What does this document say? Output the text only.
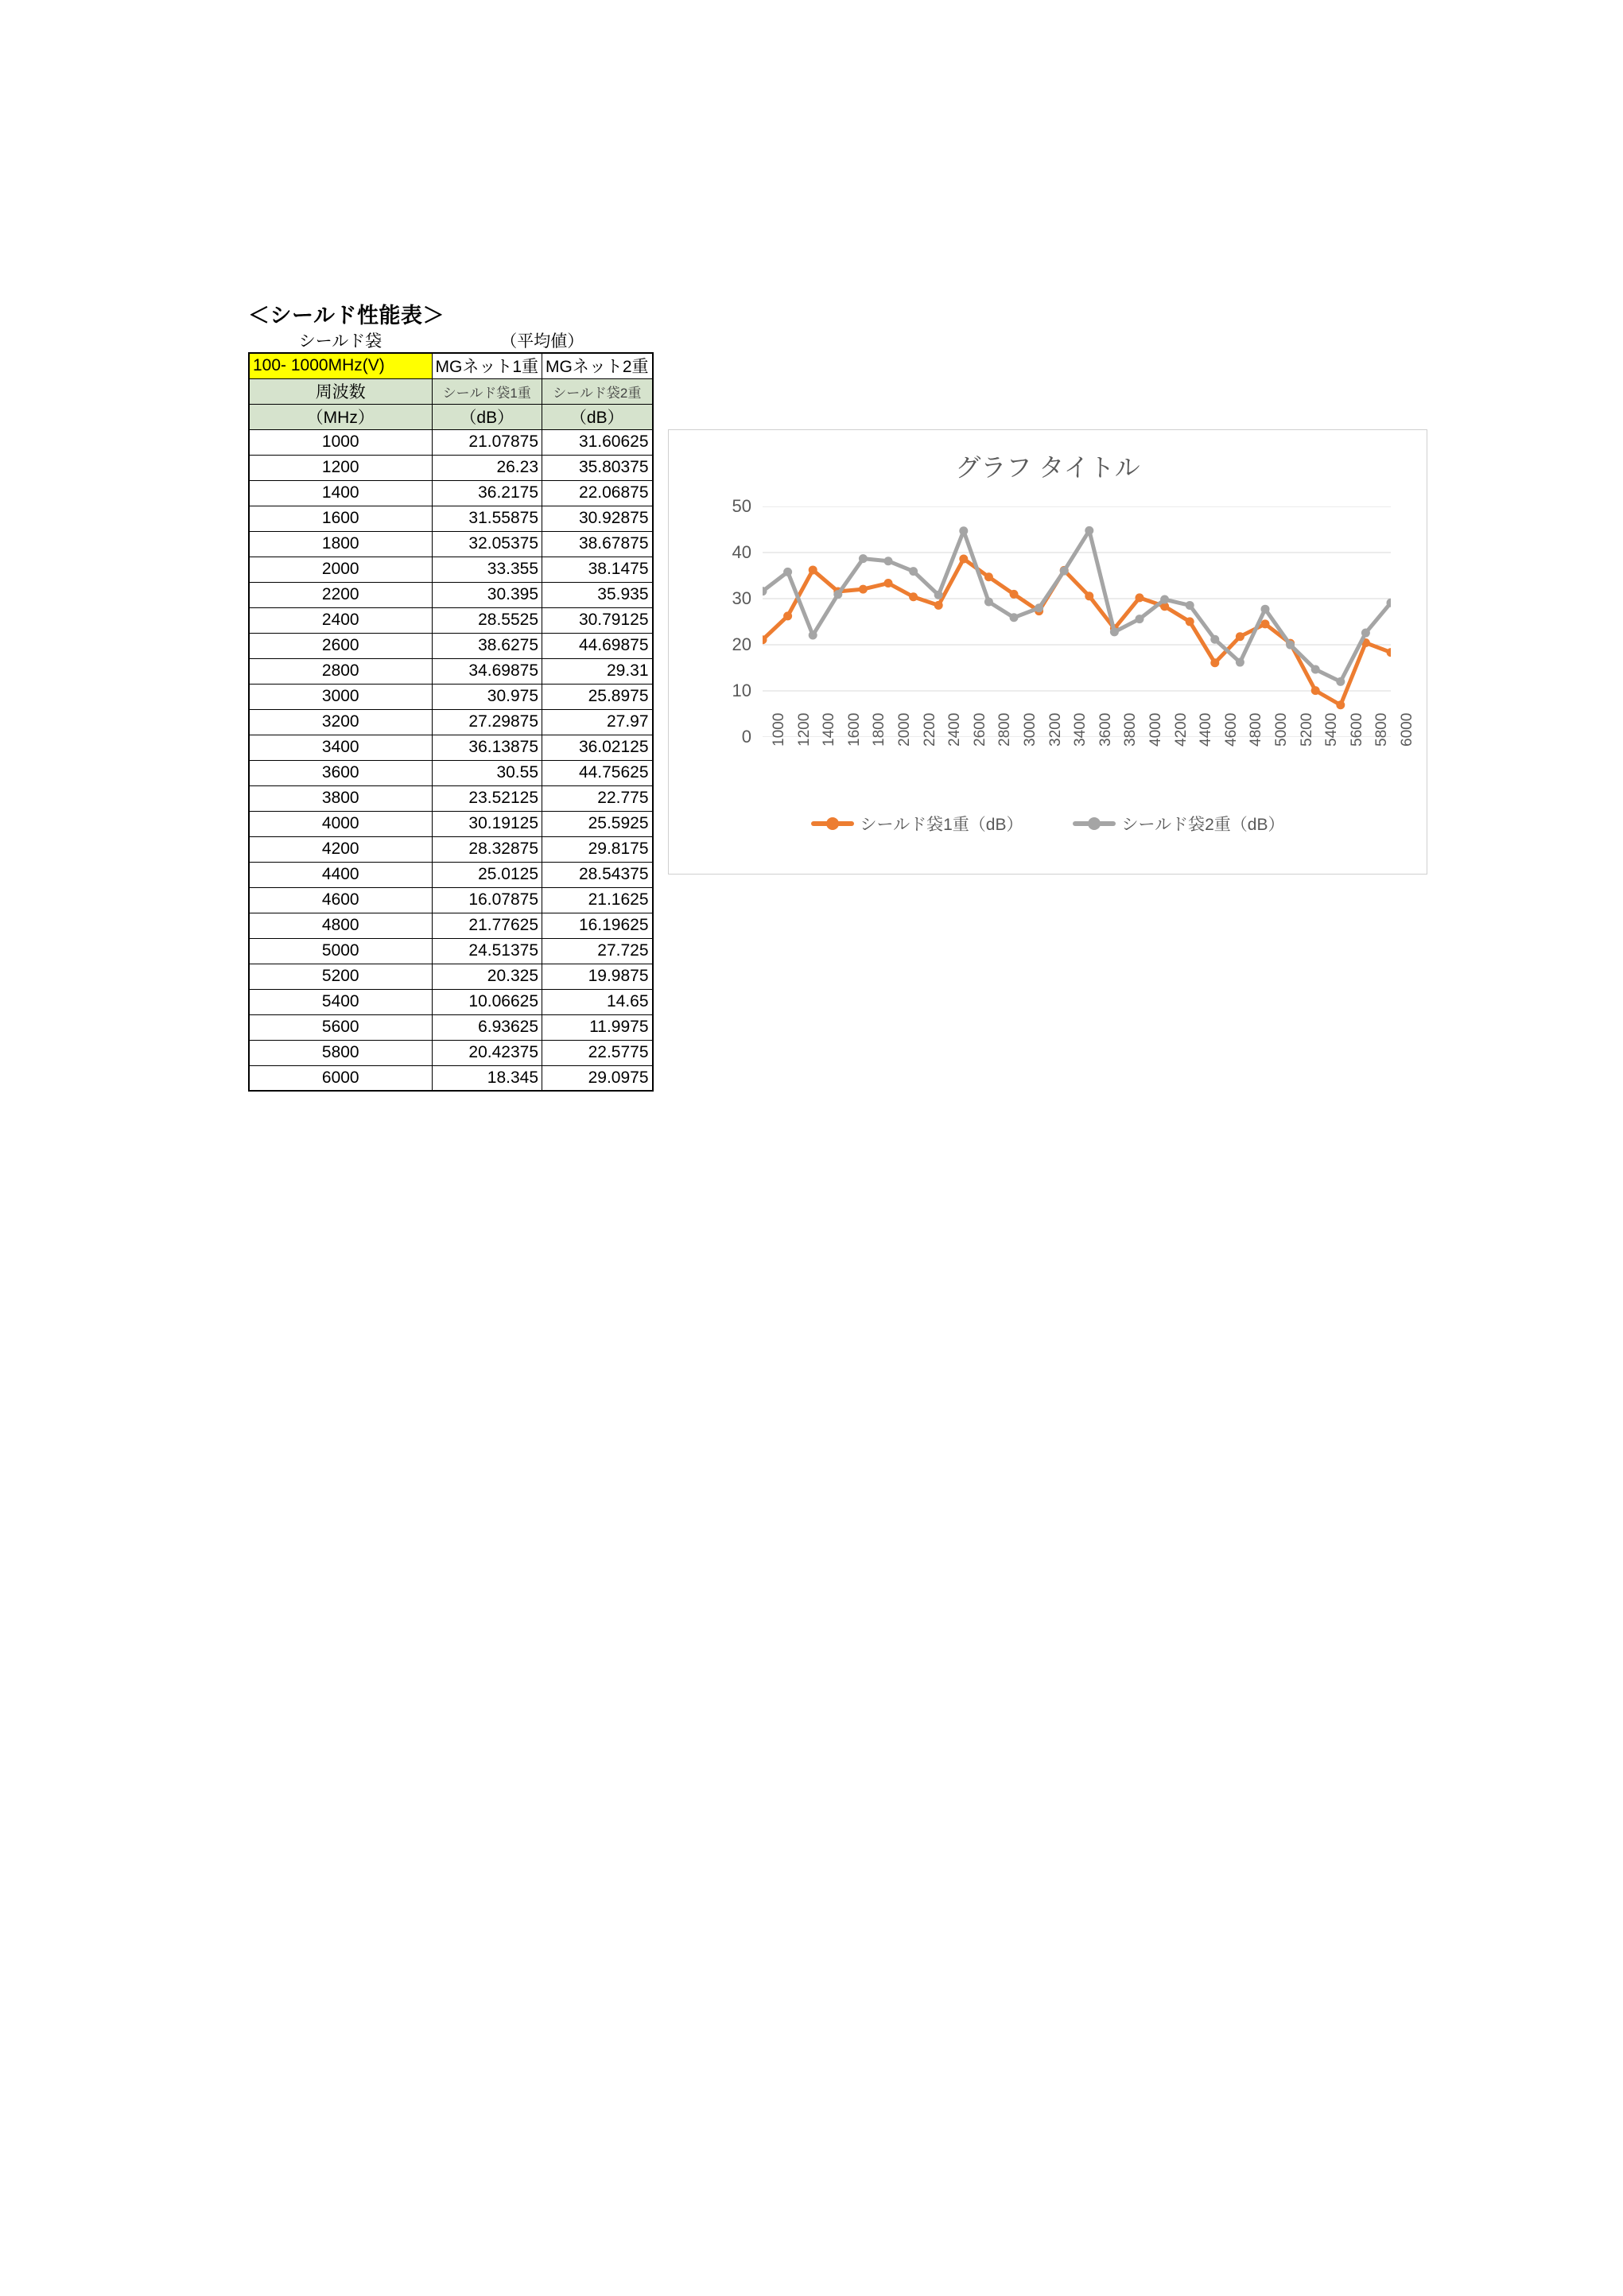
＜シールド性能表＞
シールド袋	（平均値）	
100- 1000MHz(V)	MGネット1重	MGネット2重
周波数	シールド袋1重	シールド袋2重
（MHz）	（dB）	（dB）
1000	21.07875	31.60625
1200	26.23	35.80375
1400	36.2175	22.06875
1600	31.55875	30.92875
1800	32.05375	38.67875
2000	33.355	38.1475
2200	30.395	35.935
2400	28.5525	30.79125
2600	38.6275	44.69875
2800	34.69875	29.31
3000	30.975	25.8975
3200	27.29875	27.97
3400	36.13875	36.02125
3600	30.55	44.75625
3800	23.52125	22.775
4000	30.19125	25.5925
4200	28.32875	29.8175
4400	25.0125	28.54375
4600	16.07875	21.1625
4800	21.77625	16.19625
5000	24.51375	27.725
5200	20.325	19.9875
5400	10.06625	14.65
5600	6.93625	11.9975
5800	20.42375	22.5775
6000	18.345	29.0975
グラフ タイトル
0
10
20
30
40
50
1000 1200 1400 1600 1800 2000 2200 2400 2600 2800 3000 3200 3400 3600 3800 4000 4200 4400 4600 4800 5000 5200 5400 5600 5800 6000
シールド袋1重（dB）	シールド袋2重（dB）
